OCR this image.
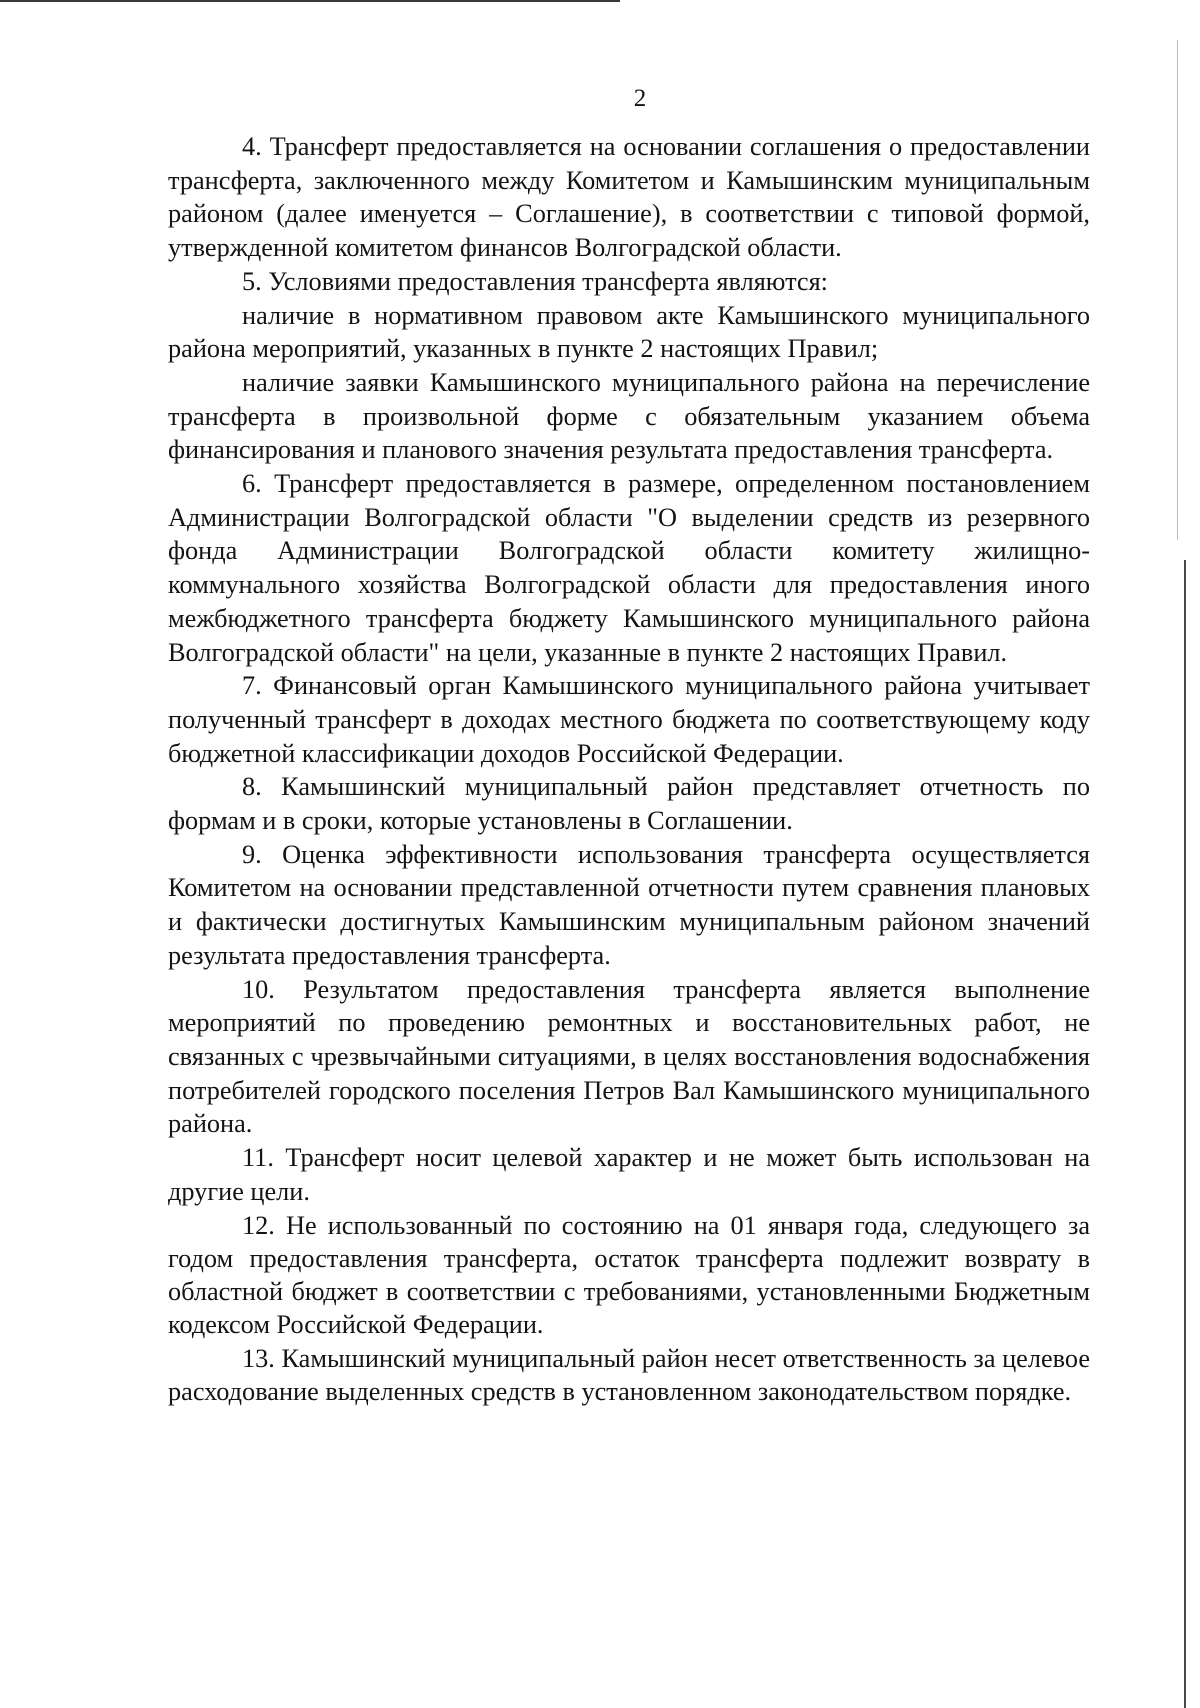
2

4. Трансферт предоставляется на основании соглашения о предоставлении трансферта, заключенного между Комитетом и Камышинским муниципальным районом (далее именуется – Соглашение), в соответствии с типовой формой, утвержденной комитетом финансов Волгоградской области.

5. Условиями предоставления трансферта являются:

наличие в нормативном правовом акте Камышинского муниципального района мероприятий, указанных в пункте 2 настоящих Правил;

наличие заявки Камышинского муниципального района на перечисление трансферта в произвольной форме с обязательным указанием объема финансирования и планового значения результата предоставления трансферта.

6. Трансферт предоставляется в размере, определенном постановлением Администрации Волгоградской области "О выделении средств из резервного фонда Администрации Волгоградской области комитету жилищно-коммунального хозяйства Волгоградской области для предоставления иного межбюджетного трансферта бюджету Камышинского муниципального района Волгоградской области" на цели, указанные в пункте 2 настоящих Правил.

7. Финансовый орган Камышинского муниципального района учитывает полученный трансферт в доходах местного бюджета по соответствующему коду бюджетной классификации доходов Российской Федерации.

8. Камышинский муниципальный район представляет отчетность по формам и в сроки, которые установлены в Соглашении.

9. Оценка эффективности использования трансферта осуществляется Комитетом на основании представленной отчетности путем сравнения плановых и фактически достигнутых Камышинским муниципальным районом значений результата предоставления трансферта.

10. Результатом предоставления трансферта является выполнение мероприятий по проведению ремонтных и восстановительных работ, не связанных с чрезвычайными ситуациями, в целях восстановления водоснабжения потребителей городского поселения Петров Вал Камышинского муниципального района.

11. Трансферт носит целевой характер и не может быть использован на другие цели.

12. Не использованный по состоянию на 01 января года, следующего за годом предоставления трансферта, остаток трансферта подлежит возврату в областной бюджет в соответствии с требованиями, установленными Бюджетным кодексом Российской Федерации.

13. Камышинский муниципальный район несет ответственность за целевое расходование выделенных средств в установленном законодательством порядке.
